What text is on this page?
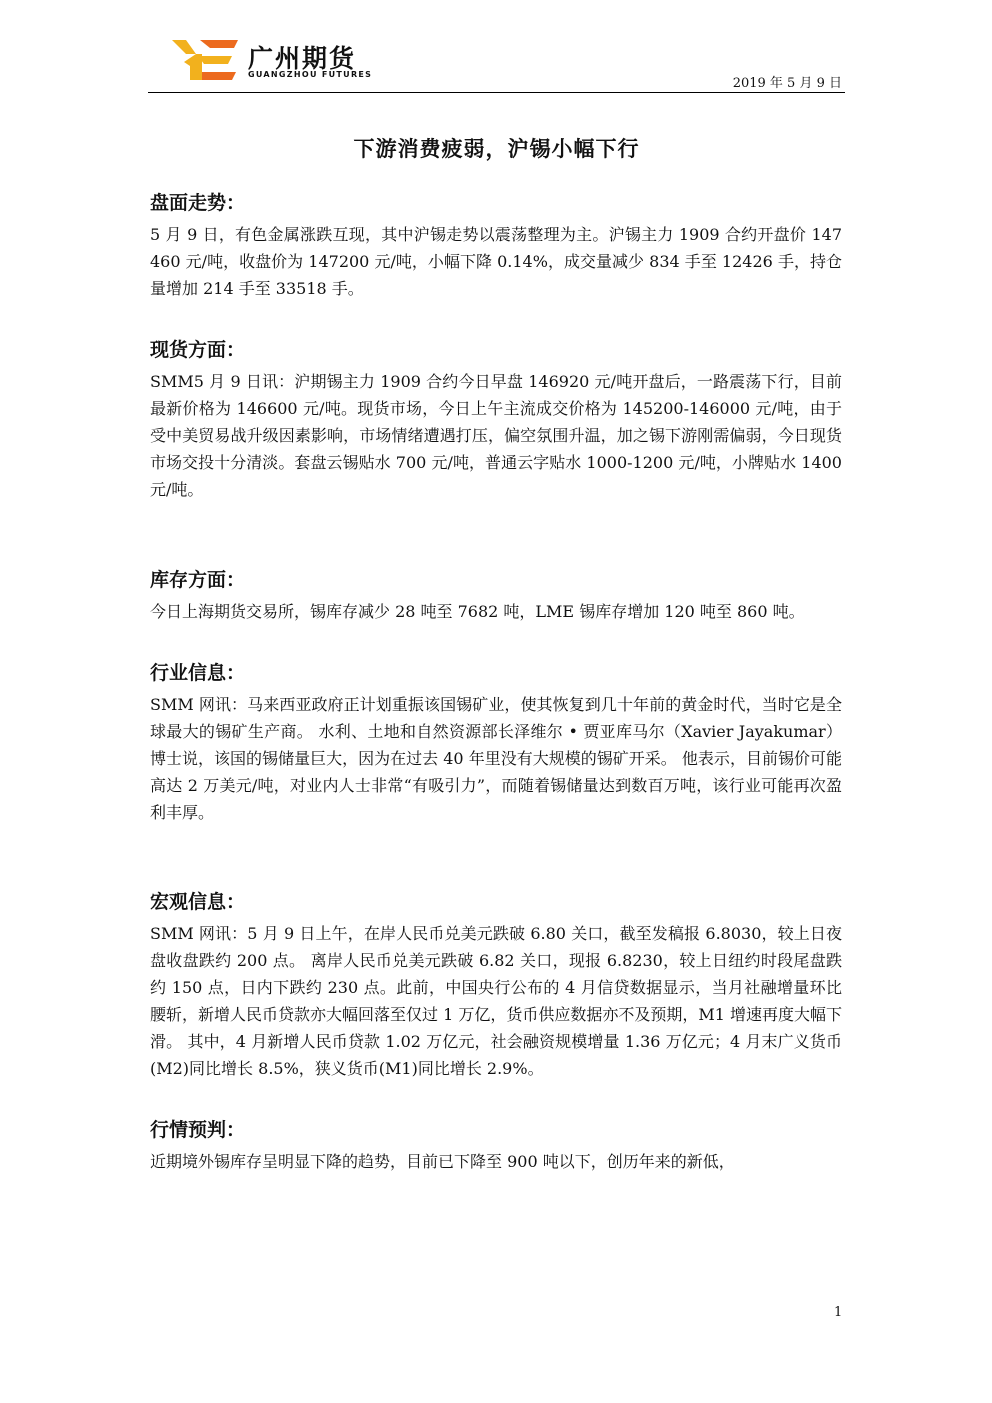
广州期货
GUANGZHOU FUTURES
2019 年 5 月 9 日
下游消费疲弱，沪锡小幅下行
盘面走势：

5 月 9 日，有色金属涨跌互现，其中沪锡走势以震荡整理为主。沪锡主力 1909 合约开盘价 147460 元/吨，收盘价为 147200 元/吨，小幅下降 0.14%，成交量减少 834 手至 12426 手，持仓量增加 214 手至 33518 手。

现货方面：

SMM5 月 9 日讯：沪期锡主力 1909 合约今日早盘 146920 元/吨开盘后，一路震荡下行，目前最新价格为 146600 元/吨。现货市场，今日上午主流成交价格为 145200-146000 元/吨，由于受中美贸易战升级因素影响，市场情绪遭遇打压，偏空氛围升温，加之锡下游刚需偏弱，今日现货市场交投十分清淡。套盘云锡贴水 700 元/吨，普通云字贴水 1000-1200 元/吨，小牌贴水 1400 元/吨。

库存方面：

今日上海期货交易所，锡库存减少 28 吨至 7682 吨，LME 锡库存增加 120 吨至 860 吨。

行业信息：

SMM 网讯：马来西亚政府正计划重振该国锡矿业，使其恢复到几十年前的黄金时代，当时它是全球最大的锡矿生产商。 水利、土地和自然资源部长泽维尔 • 贾亚库马尔（Xavier Jayakumar）博士说，该国的锡储量巨大，因为在过去 40 年里没有大规模的锡矿开采。 他表示，目前锡价可能高达 2 万美元/吨，对业内人士非常“有吸引力”，而随着锡储量达到数百万吨，该行业可能再次盈利丰厚。

宏观信息：

SMM 网讯：5 月 9 日上午，在岸人民币兑美元跌破 6.80 关口，截至发稿报 6.8030，较上日夜盘收盘跌约 200 点。 离岸人民币兑美元跌破 6.82 关口，现报 6.8230，较上日纽约时段尾盘跌约 150 点，日内下跌约 230 点。此前，中国央行公布的 4 月信贷数据显示，当月社融增量环比腰斩，新增人民币贷款亦大幅回落至仅过 1 万亿，货币供应数据亦不及预期，M1 增速再度大幅下滑。 其中，4 月新增人民币贷款 1.02 万亿元，社会融资规模增量 1.36 万亿元；4 月末广义货币(M2)同比增长 8.5%，狭义货币(M1)同比增长 2.9%。

行情预判：

近期境外锡库存呈明显下降的趋势，目前已下降至 900 吨以下，创历年来的新低，

1
